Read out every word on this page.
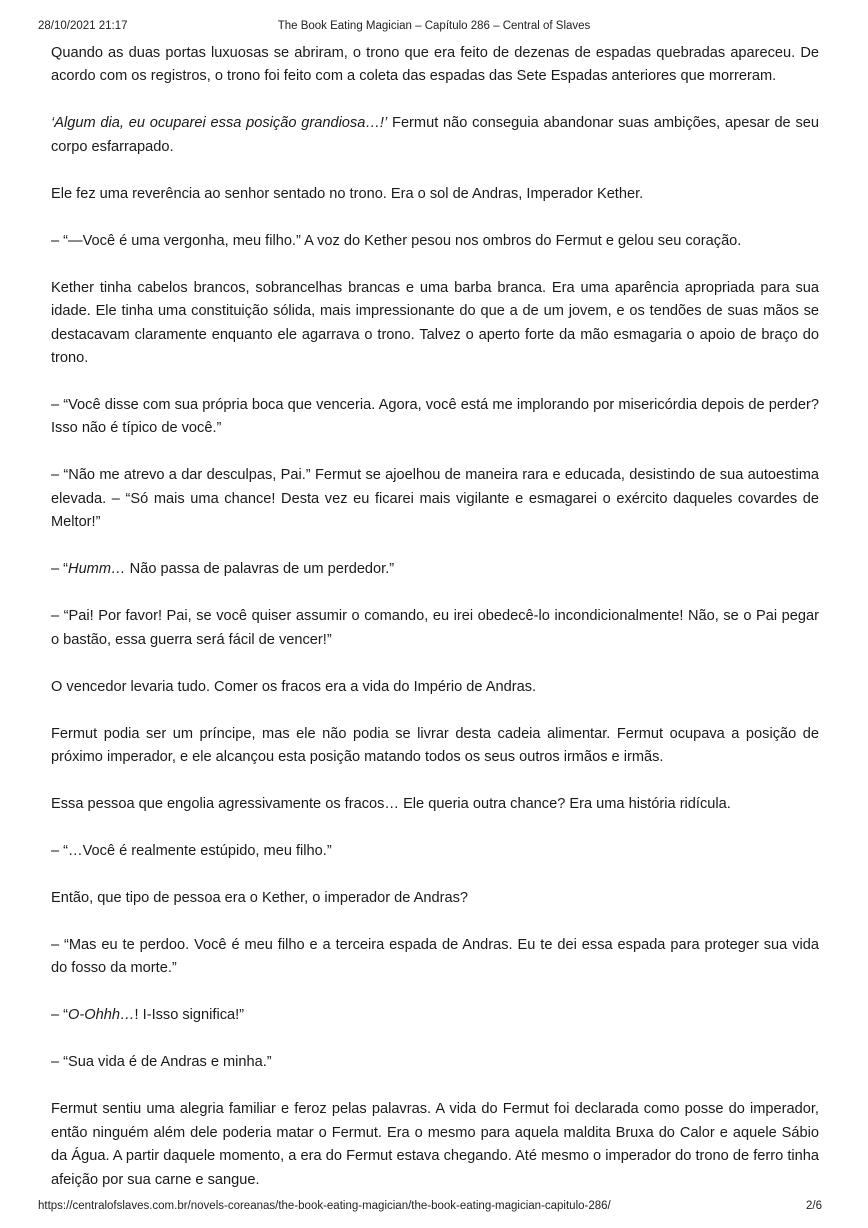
28/10/2021 21:17	The Book Eating Magician – Capítulo 286 – Central of Slaves

Quando as duas portas luxuosas se abriram, o trono que era feito de dezenas de espadas quebradas apareceu. De acordo com os registros, o trono foi feito com a coleta das espadas das Sete Espadas anteriores que morreram.

‘Algum dia, eu ocuparei essa posição grandiosa…!’ Fermut não conseguia abandonar suas ambições, apesar de seu corpo esfarrapado.

Ele fez uma reverência ao senhor sentado no trono. Era o sol de Andras, Imperador Kether.

– “—Você é uma vergonha, meu filho.” A voz do Kether pesou nos ombros do Fermut e gelou seu coração.

Kether tinha cabelos brancos, sobrancelhas brancas e uma barba branca. Era uma aparência apropriada para sua idade. Ele tinha uma constituição sólida, mais impressionante do que a de um jovem, e os tendões de suas mãos se destacavam claramente enquanto ele agarrava o trono. Talvez o aperto forte da mão esmagaria o apoio de braço do trono.

– “Você disse com sua própria boca que venceria. Agora, você está me implorando por misericórdia depois de perder? Isso não é típico de você.”

– “Não me atrevo a dar desculpas, Pai.” Fermut se ajoelhou de maneira rara e educada, desistindo de sua autoestima elevada. – “Só mais uma chance! Desta vez eu ficarei mais vigilante e esmagarei o exército daqueles covardes de Meltor!”

– “Humm… Não passa de palavras de um perdedor.”

– “Pai! Por favor! Pai, se você quiser assumir o comando, eu irei obedecê-lo incondicionalmente! Não, se o Pai pegar o bastão, essa guerra será fácil de vencer!”

O vencedor levaria tudo. Comer os fracos era a vida do Império de Andras.

Fermut podia ser um príncipe, mas ele não podia se livrar desta cadeia alimentar. Fermut ocupava a posição de próximo imperador, e ele alcançou esta posição matando todos os seus outros irmãos e irmãs.

Essa pessoa que engolia agressivamente os fracos… Ele queria outra chance? Era uma história ridícula.

– “…Você é realmente estúpido, meu filho.”

Então, que tipo de pessoa era o Kether, o imperador de Andras?

– “Mas eu te perdoo. Você é meu filho e a terceira espada de Andras. Eu te dei essa espada para proteger sua vida do fosso da morte.”

– “O-Ohhh…! I-Isso significa!”

– “Sua vida é de Andras e minha.”

Fermut sentiu uma alegria familiar e feroz pelas palavras. A vida do Fermut foi declarada como posse do imperador, então ninguém além dele poderia matar o Fermut. Era o mesmo para aquela maldita Bruxa do Calor e aquele Sábio da Água. A partir daquele momento, a era do Fermut estava chegando. Até mesmo o imperador do trono de ferro tinha afeição por sua carne e sangue.

https://centralofslaves.com.br/novels-coreanas/the-book-eating-magician/the-book-eating-magician-capitulo-286/	2/6
